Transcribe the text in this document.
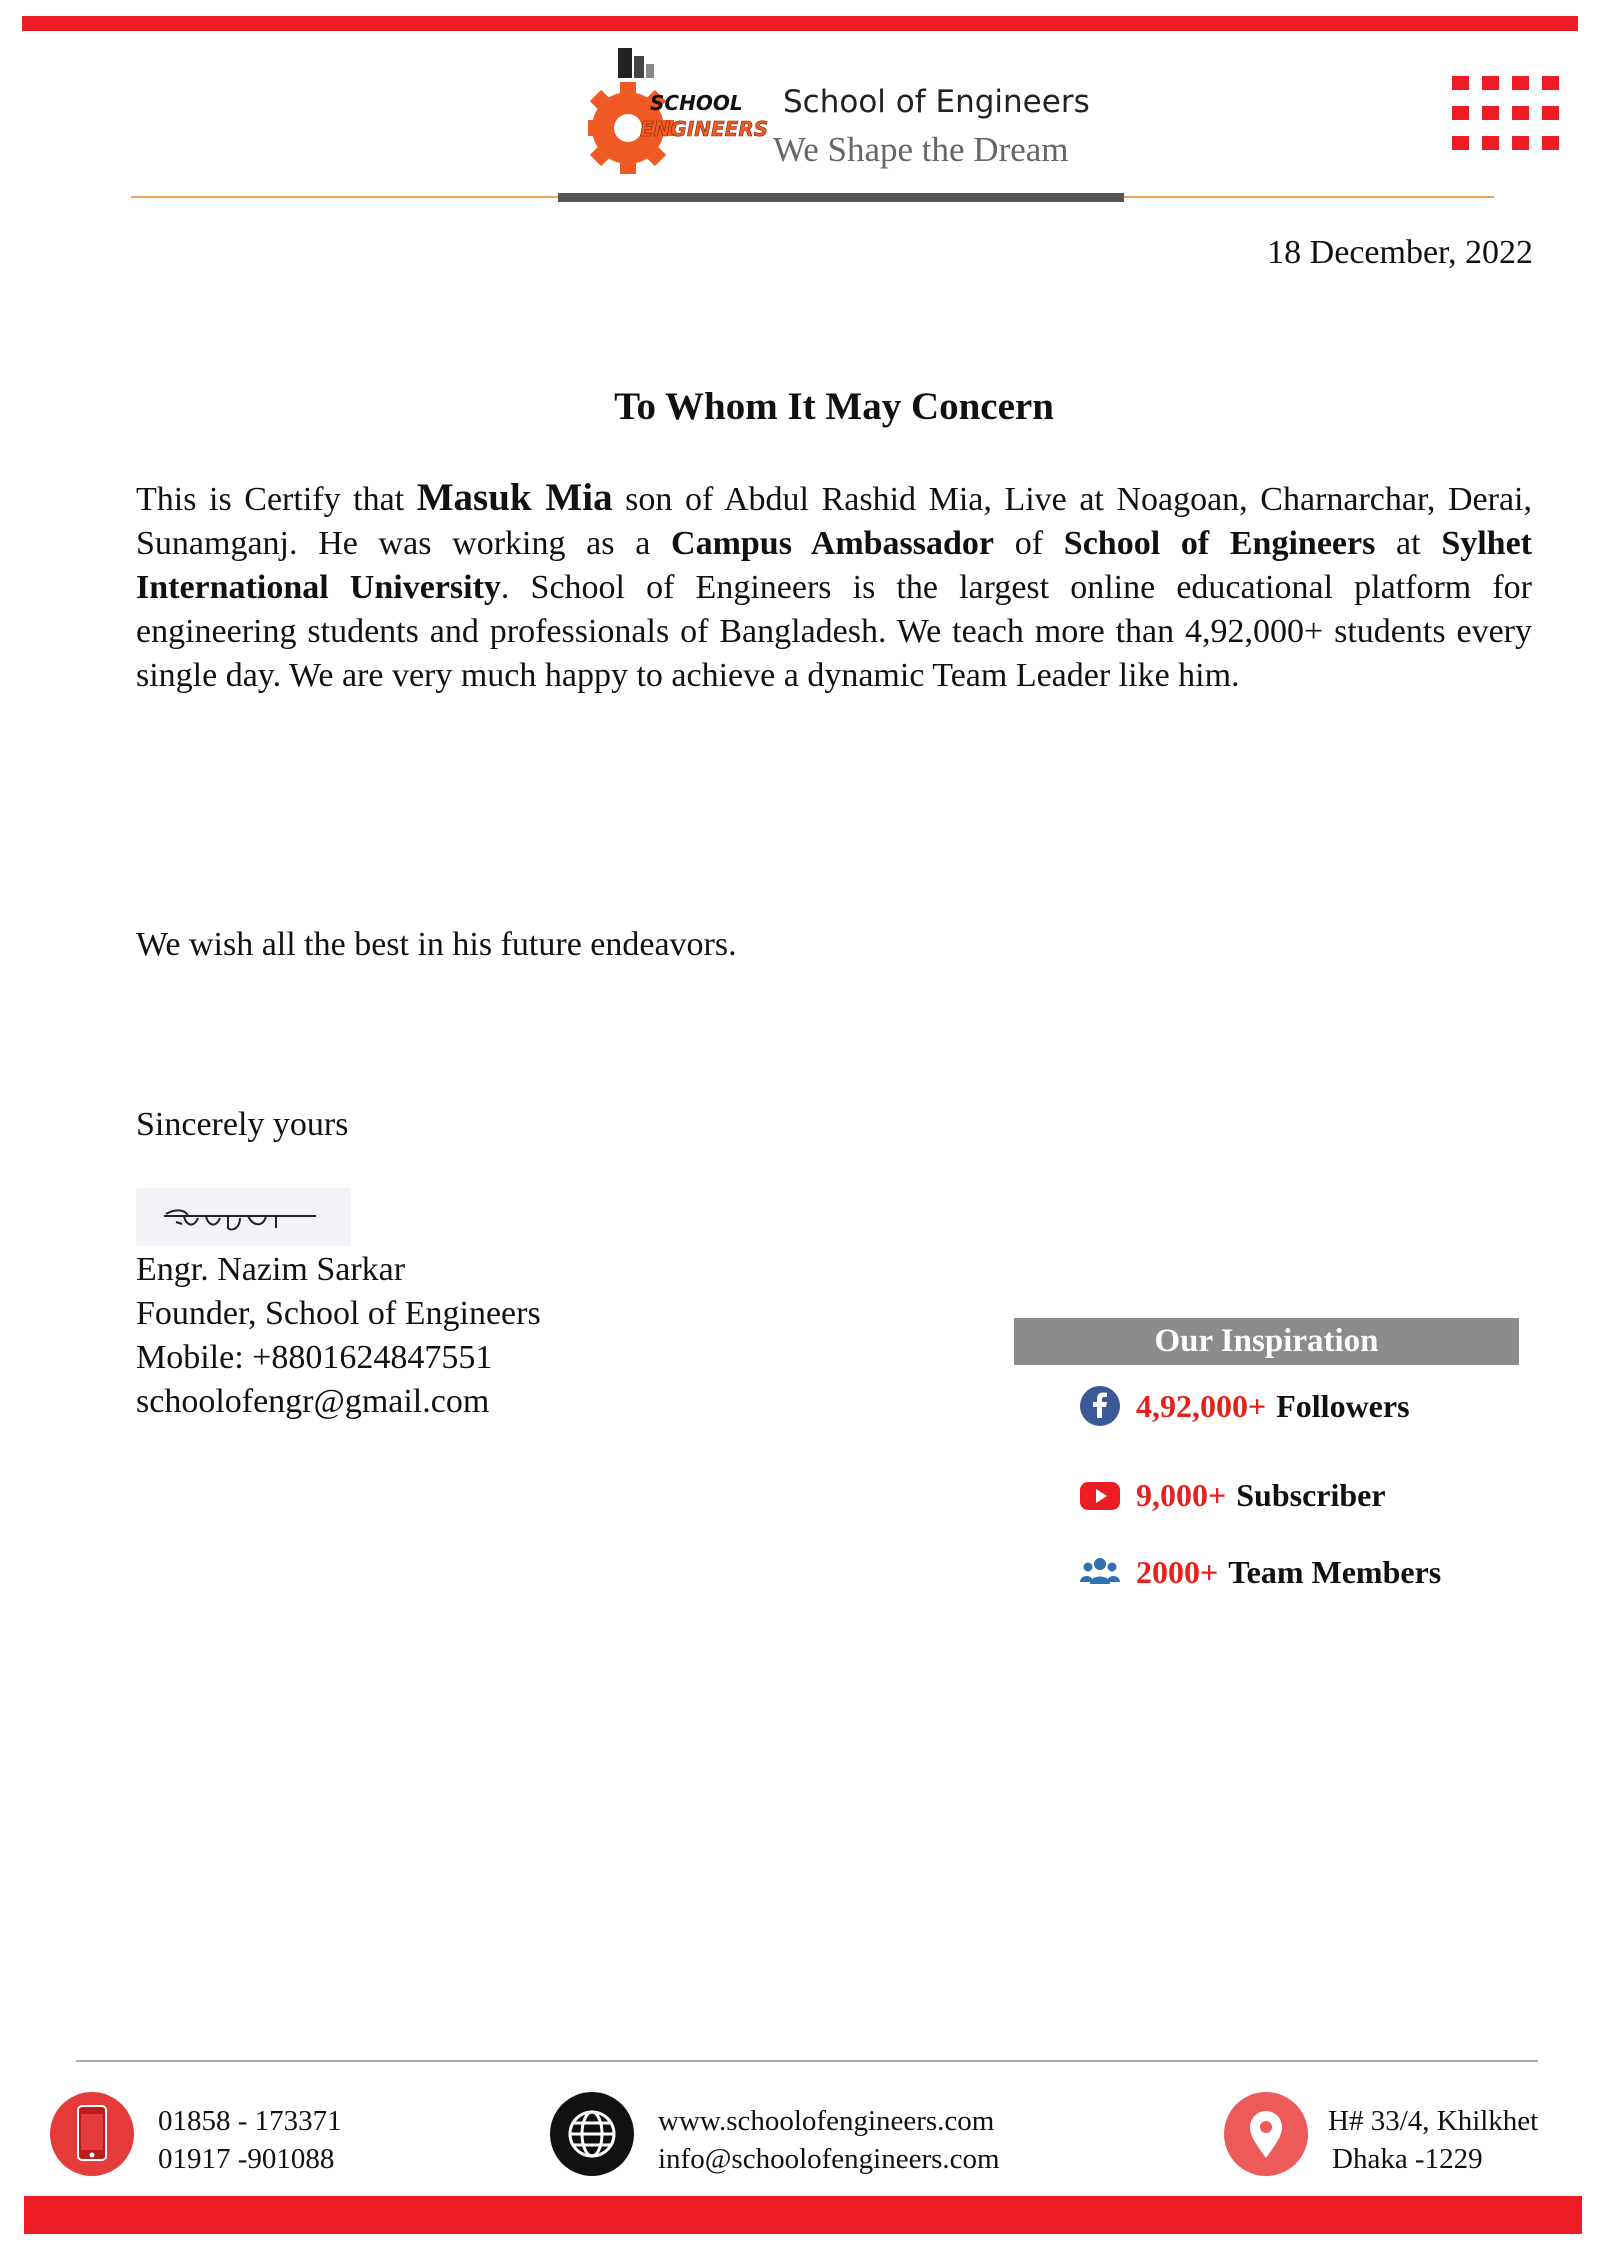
SCHOOL
ENGINEERS
School of Engineers
We Shape the Dream
18 December, 2022
To Whom It May Concern
This is Certify that Masuk Mia son of Abdul Rashid Mia, Live at Noagoan, Charnarchar, Derai, Sunamganj. He was working as a Campus Ambassador of School of Engineers at Sylhet International University. School of Engineers is the largest online educational platform for engineering students and professionals of Bangladesh. We teach more than 4,92,000+ students every single day. We are very much happy to achieve a dynamic Team Leader like him.
We wish all the best in his future endeavors.
Sincerely yours
Engr. Nazim Sarkar
Founder, School of Engineers
Mobile: +8801624847551
schoolofengr@gmail.com
Our Inspiration
4,92,000+ Followers
9,000+ Subscriber
2000+ Team Members
01858 - 173371
01917 -901088
www.schoolofengineers.com
info@schoolofengineers.com
H# 33/4, Khilkhet
Dhaka -1229
